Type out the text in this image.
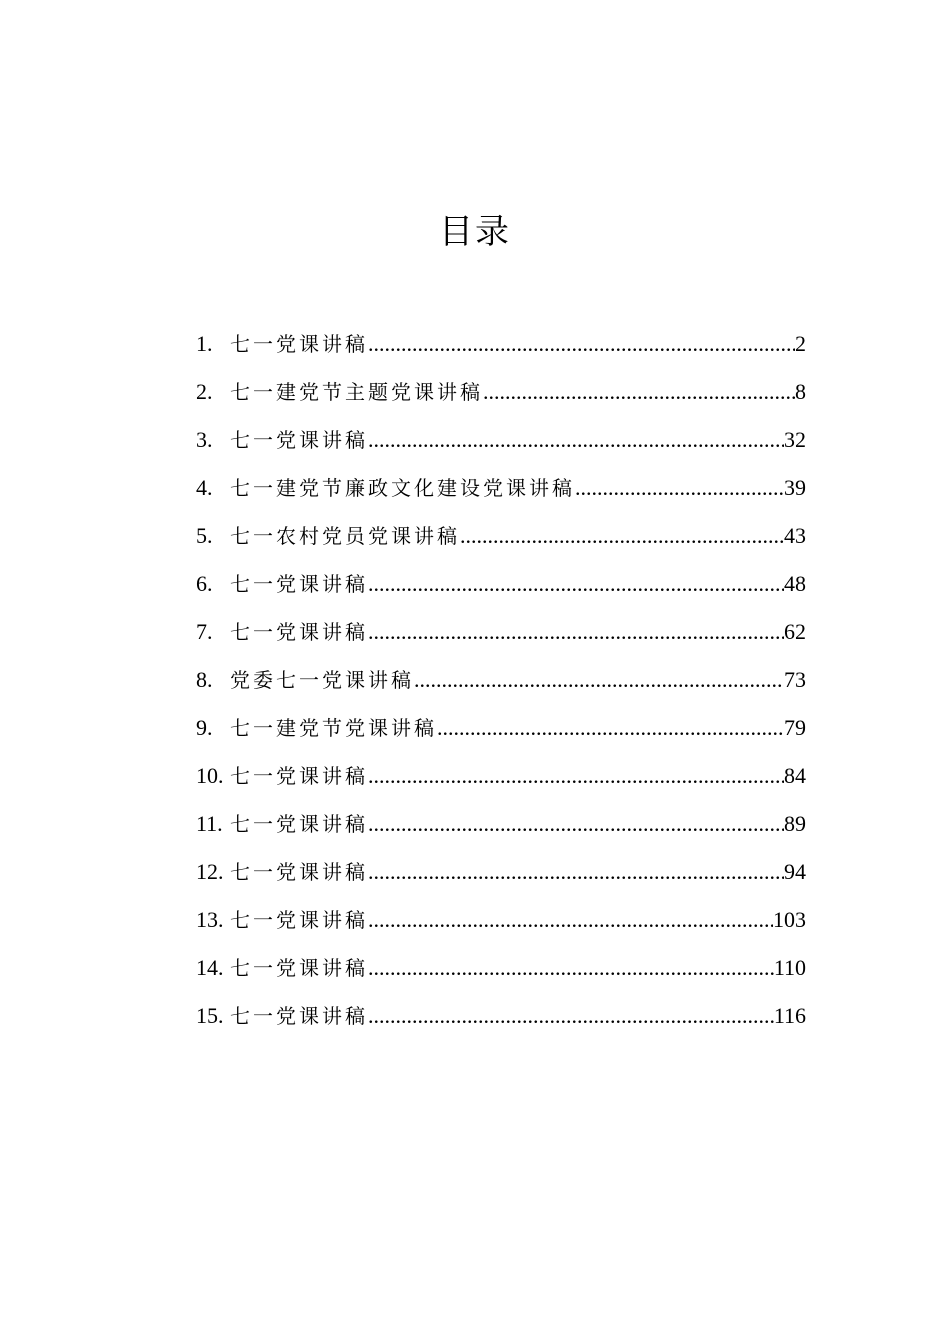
目录
1. 七一党课讲稿 .....	2
2. 七一建党节主题党课讲稿 .....	8
3. 七一党课讲稿 .....	32
4. 七一建党节廉政文化建设党课讲稿 .....	39
5. 七一农村党员党课讲稿 .....	43
6. 七一党课讲稿 .....	48
7. 七一党课讲稿 .....	62
8. 党委七一党课讲稿 .....	73
9. 七一建党节党课讲稿 .....	79
10. 七一党课讲稿 .....	84
11. 七一党课讲稿 .....	89
12. 七一党课讲稿 .....	94
13. 七一党课讲稿 .....	103
14. 七一党课讲稿 .....	110
15. 七一党课讲稿 .....	116
